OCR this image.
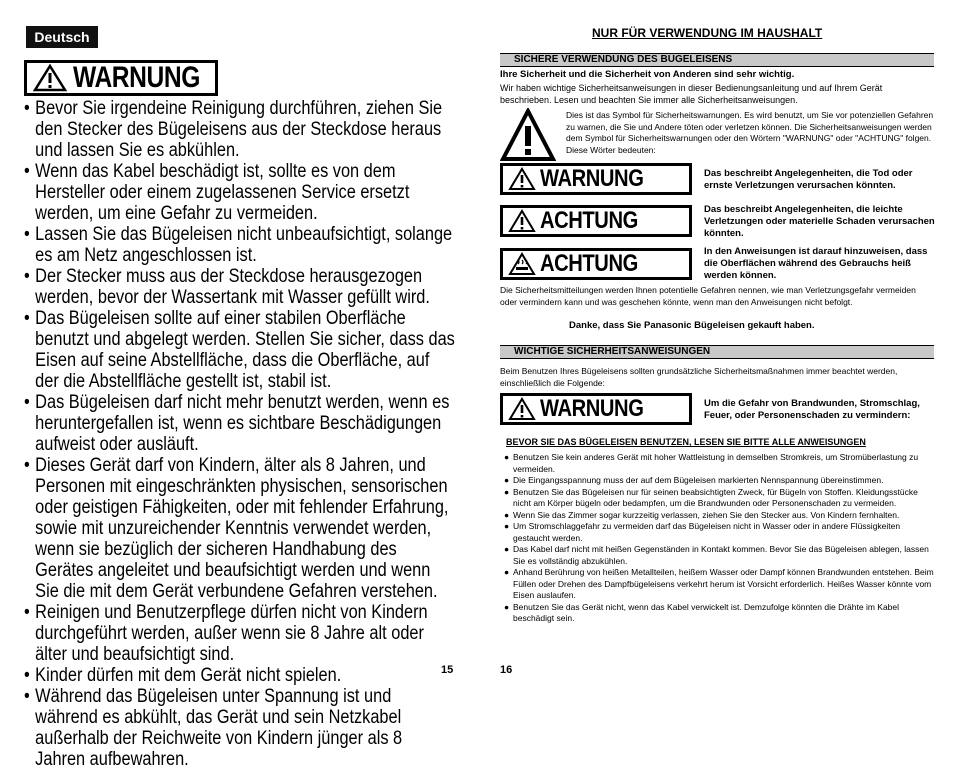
Deutsch
WARNUNG
• Bevor Sie irgendeine Reinigung durchführen, ziehen Sie den Stecker des Bügeleisens aus der Steckdose heraus und lassen Sie es abkühlen.
• Wenn das Kabel beschädigt ist, sollte es von dem Hersteller oder einem zugelassenen Service ersetzt werden, um eine Gefahr zu vermeiden.
• Lassen Sie das Bügeleisen nicht unbeaufsichtigt, solange es am Netz angeschlossen ist.
• Der Stecker muss aus der Steckdose herausgezogen werden, bevor der Wassertank mit Wasser gefüllt wird.
• Das Bügeleisen sollte auf einer stabilen Oberfläche benutzt und abgelegt werden. Stellen Sie sicher, dass das Eisen auf seine Abstellfläche, dass die Oberfläche, auf der die Abstellfläche gestellt ist, stabil ist.
• Das Bügeleisen darf nicht mehr benutzt werden, wenn es heruntergefallen ist, wenn es sichtbare Beschädigungen aufweist oder ausläuft.
• Dieses Gerät darf von Kindern, älter als 8 Jahren, und Personen mit eingeschränkten physischen, sensorischen oder geistigen Fähigkeiten, oder mit fehlender Erfahrung, sowie mit unzureichender Kenntnis verwendet werden, wenn sie bezüglich der sicheren Handhabung des Gerätes angeleitet und beaufsichtigt werden und wenn Sie die mit dem Gerät verbundene Gefahren verstehen.
• Reinigen und Benutzerpflege dürfen nicht von Kindern durchgeführt werden, außer wenn sie 8 Jahre alt oder älter und beaufsichtigt sind.
• Kinder dürfen mit dem Gerät nicht spielen.
• Während das Bügeleisen unter Spannung ist und während es abkühlt, das Gerät und sein Netzkabel außerhalb der Reichweite von Kindern jünger als 8 Jahren aufbewahren.
15
NUR FÜR VERWENDUNG IM HAUSHALT
SICHERE VERWENDUNG DES BÜGELEISENS
Ihre Sicherheit und die Sicherheit von Anderen sind sehr wichtig.
Wir haben wichtige Sicherheitsanweisungen in dieser Bedienungsanleitung und auf Ihrem Gerät beschrieben. Lesen und beachten Sie immer alle Sicherheitsanweisungen.
Dies ist das Symbol für Sicherheitswarnungen. Es wird benutzt, um Sie vor potenziellen Gefahren zu warnen, die Sie und Andere töten oder verletzen können. Die Sicherheitsanweisungen werden dem Symbol für Sicherheitswarnungen oder den Wörtern "WARNUNG" oder "ACHTUNG" folgen. Diese Wörter bedeuten:
WARNUNG	Das beschreibt Angelegenheiten, die Tod oder ernste Verletzungen verursachen könnten.
ACHTUNG	Das beschreibt Angelegenheiten, die leichte Verletzungen oder materielle Schaden verursachen könnten.
ACHTUNG	In den Anweisungen ist darauf hinzuweisen, dass die Oberflächen während des Gebrauchs heiß werden können.
Die Sicherheitsmitteilungen werden Ihnen potentielle Gefahren nennen, wie man Verletzungsgefahr vermeiden oder vermindern kann und was geschehen könnte, wenn man den Anweisungen nicht befolgt.
Danke, dass Sie Panasonic Bügeleisen gekauft haben.
WICHTIGE SICHERHEITSANWEISUNGEN
Beim Benutzen Ihres Bügeleisens sollten grundsätzliche Sicherheitsmaßnahmen immer beachtet werden, einschließlich die Folgende:
WARNUNG	Um die Gefahr von Brandwunden, Stromschlag, Feuer, oder Personenschaden zu vermindern:
BEVOR SIE DAS BÜGELEISEN BENUTZEN, LESEN SIE BITTE ALLE ANWEISUNGEN
● Benutzen Sie kein anderes Gerät mit hoher Wattleistung in demselben Stromkreis, um Stromüberlastung zu vermeiden.
● Die Eingangsspannung muss der auf dem Bügeleisen markierten Nennspannung übereinstimmen.
● Benutzen Sie das Bügeleisen nur für seinen beabsichtigten Zweck, für Bügeln von Stoffen. Kleidungsstücke nicht am Körper bügeln oder bedampfen, um die Brandwunden oder Personenschaden zu vermeiden.
● Wenn Sie das Zimmer sogar kurzzeitig verlassen, ziehen Sie den Stecker aus. Von Kindern fernhalten.
● Um Stromschlaggefahr zu vermeiden darf das Bügeleisen nicht in Wasser oder in andere Flüssigkeiten gestaucht werden.
● Das Kabel darf nicht mit heißen Gegenständen in Kontakt kommen. Bevor Sie das Bügeleisen ablegen, lassen Sie es vollständig abzukühlen.
● Anhand Berührung von heißen Metallteilen, heißem Wasser oder Dampf können Brandwunden entstehen. Beim Füllen oder Drehen des Dampfbügeleisens verkehrt herum ist Vorsicht erforderlich. Heißes Wasser könnte vom Eisen auslaufen.
● Benutzen Sie das Gerät nicht, wenn das Kabel verwickelt ist. Demzufolge könnten die Drähte im Kabel beschädigt sein.
16
